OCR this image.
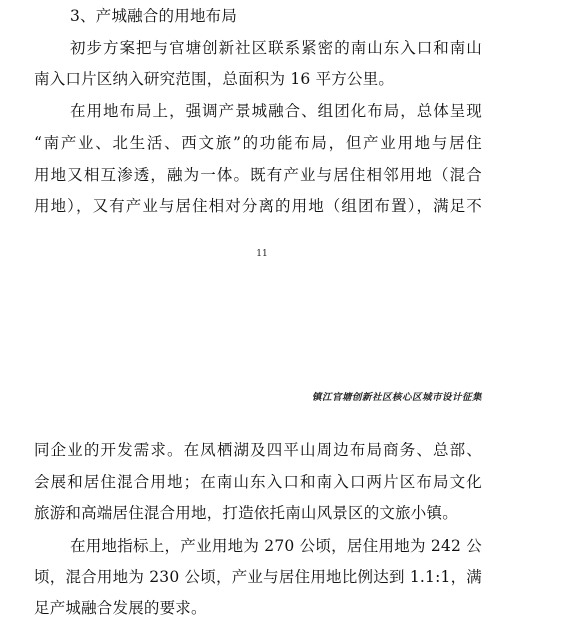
3、产城融合的用地布局
初步方案把与官塘创新社区联系紧密的南山东入口和南山
南入口片区纳入研究范围，总面积为 16 平方公里。
在用地布局上，强调产景城融合、组团化布局，总体呈现
“南产业、北生活、西文旅”的功能布局，但产业用地与居住
用地又相互渗透，融为一体。既有产业与居住相邻用地（混合
用地），又有产业与居住相对分离的用地（组团布置），满足不
11
镇江官塘创新社区核心区城市设计征集
同企业的开发需求。在凤栖湖及四平山周边布局商务、总部、
会展和居住混合用地；在南山东入口和南入口两片区布局文化
旅游和高端居住混合用地，打造依托南山风景区的文旅小镇。
在用地指标上，产业用地为 270 公顷，居住用地为 242 公
顷，混合用地为 230 公顷，产业与居住用地比例达到 1.1:1，满
足产城融合发展的要求。
